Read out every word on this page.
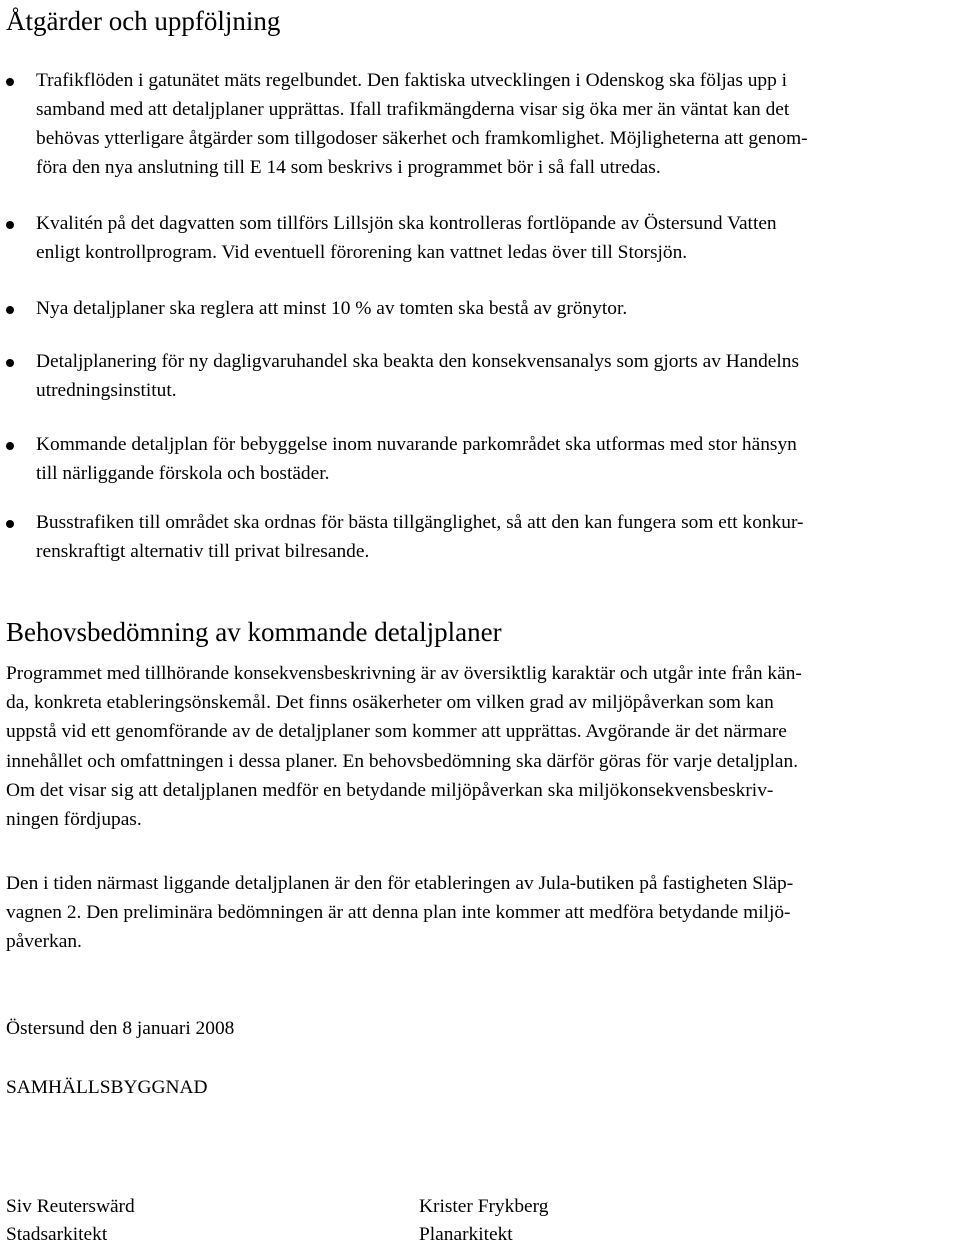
Åtgärder och uppföljning
Trafikflöden i gatunätet mäts regelbundet. Den faktiska utvecklingen i Odenskog ska följas upp i
samband med att detaljplaner upprättas. Ifall trafikmängderna visar sig öka mer än väntat kan det
behövas ytterligare åtgärder som tillgodoser säkerhet och framkomlighet. Möjligheterna att genom-
föra den nya anslutning till E 14 som beskrivs i programmet bör i så fall utredas.
Kvalitén på det dagvatten som tillförs Lillsjön ska kontrolleras fortlöpande av Östersund Vatten
enligt kontrollprogram. Vid eventuell förorening kan vattnet ledas över till Storsjön.
Nya detaljplaner ska reglera att minst 10 % av tomten ska bestå av grönytor.
Detaljplanering för ny dagligvaruhandel ska beakta den konsekvensanalys som gjorts av Handelns
utredningsinstitut.
Kommande detaljplan för bebyggelse inom nuvarande parkområdet ska utformas med stor hänsyn
till närliggande förskola och bostäder.
Busstrafiken till området ska ordnas för bästa tillgänglighet, så att den kan fungera som ett konkur-
renskraftigt alternativ till privat bilresande.
Behovsbedömning av kommande detaljplaner
Programmet med tillhörande konsekvensbeskrivning är av översiktlig karaktär och utgår inte från kän-
da, konkreta etableringsönskemål. Det finns osäkerheter om vilken grad av miljöpåverkan som kan
uppstå vid ett genomförande av de detaljplaner som kommer att upprättas. Avgörande är det närmare
innehållet och omfattningen i dessa planer. En behovsbedömning ska därför göras för varje detaljplan.
Om det visar sig att detaljplanen medför en betydande miljöpåverkan ska miljökonsekvensbeskriv-
ningen fördjupas.
Den i tiden närmast liggande detaljplanen är den för etableringen av Jula-butiken på fastigheten Släp-
vagnen 2. Den preliminära bedömningen är att denna plan inte kommer att medföra betydande miljö-
påverkan.
Östersund den 8 januari 2008
SAMHÄLLSBYGGNAD
Siv Reuterswärd
Stadsarkitekt
Krister Frykberg
Planarkitekt
